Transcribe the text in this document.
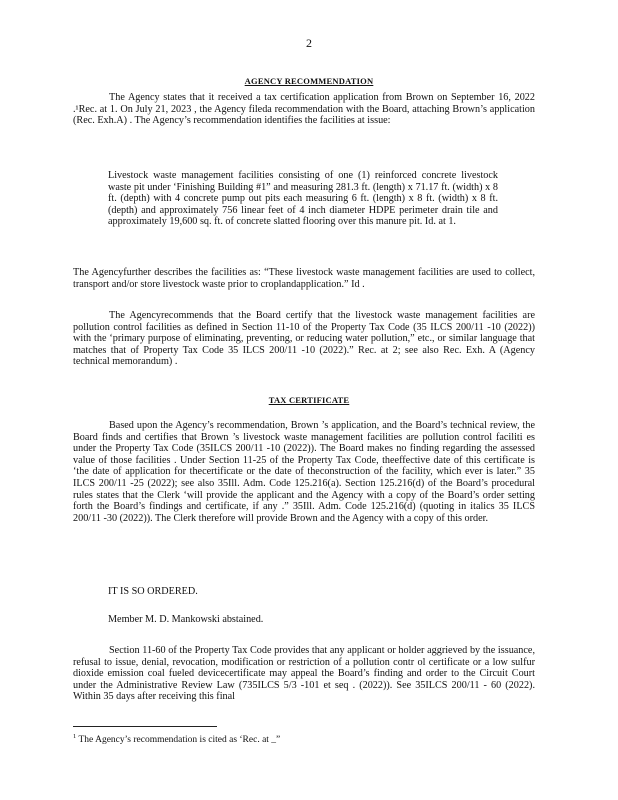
2
AGENCY RECOMMENDATION

The Agency states that it received a tax certification application from Brown on September 16, 2022 .¹Rec. at 1. On July 21, 2023 , the Agency fileda recommendation with the Board, attaching Brown’s application (Rec. Exh.A) . The Agency’s recommendation identifies the facilities at issue:

Livestock waste management facilities consisting of one (1) reinforced concrete livestock waste pit under ‘Finishing Building #1” and measuring 281.3 ft. (length) x 71.17 ft. (width) x 8 ft. (depth) with 4 concrete pump out pits each measuring 6 ft. (length) x 8 ft. (width) x 8 ft. (depth) and approximately 756 linear feet of 4 inch diameter HDPE perimeter drain tile and approximately 19,600 sq. ft. of concrete slatted flooring over this manure pit. Id. at 1.

The Agencyfurther describes the facilities as: “These livestock waste management facilities are used to collect, transport and/or store livestock waste prior to croplandapplication.” Id .

The Agencyrecommends that the Board certify that the livestock waste management facilities are pollution control facilities as defined in Section 11-10 of the Property Tax Code (35 ILCS 200/11 -10 (2022)) with the ‘primary purpose of eliminating, preventing, or reducing water pollution,” etc., or similar language that matches that of Property Tax Code 35 ILCS 200/11 -10 (2022).” Rec. at 2; see also Rec. Exh. A (Agency technical memorandum) .

TAX CERTIFICATE

Based upon the Agency’s recommendation, Brown ’s application, and the Board’s technical review, the Board finds and certifies that Brown ’s livestock waste management facilities are pollution control faciliti es under the Property Tax Code (35ILCS 200/11 -10 (2022)). The Board makes no finding regarding the assessed value of those facilities . Under Section 11-25 of the Property Tax Code, theeffective date of this certificate is ‘the date of application for thecertificate or the date of theconstruction of the facility, which ever is later.” 35 ILCS 200/11 -25 (2022); see also 35Ill. Adm. Code 125.216(a). Section 125.216(d) of the Board’s procedural rules states that the Clerk ‘will provide the applicant and the Agency with a copy of the Board’s order setting forth the Board’s findings and certificate, if any .” 35Ill. Adm. Code 125.216(d) (quoting in italics 35 ILCS 200/11 -30 (2022)). The Clerk therefore will provide Brown and the Agency with a copy of this order.

IT IS SO ORDERED.
Member M. D. Mankowski abstained.

Section 11-60 of the Property Tax Code provides that any applicant or holder aggrieved by the issuance, refusal to issue, denial, revocation, modification or restriction of a pollution contr ol certificate or a low sulfur dioxide emission coal fueled devicecertificate may appeal the Board’s finding and order to the Circuit Court under the Administrative Review Law (735ILCS 5/3 -101 et seq . (2022)). See 35ILCS 200/11 - 60 (2022). Within 35 days after receiving this final

$^1$ The Agency’s recommendation is cited as ‘Rec. at _”
